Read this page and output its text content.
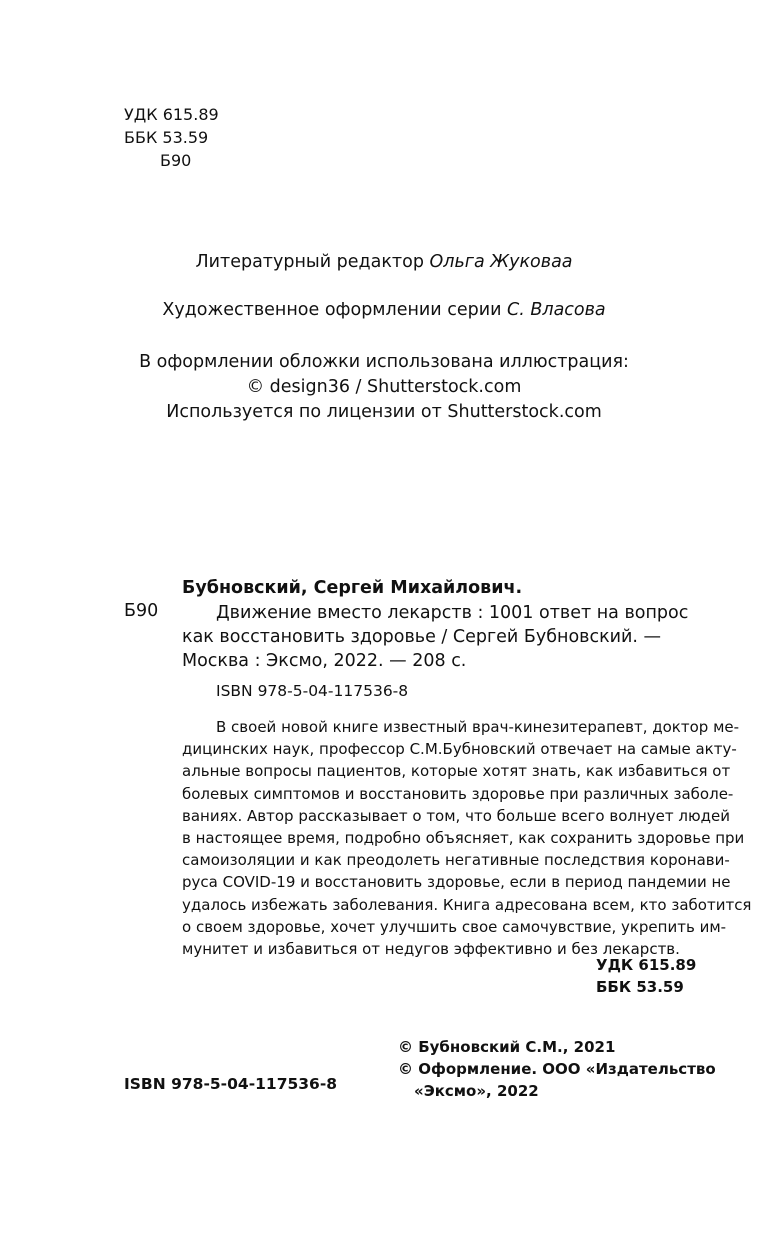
УДК 615.89
ББК 53.59
Б90
Литературный редактор Ольга Жуковаа
Художественное оформлении серии С. Власова
В оформлении обложки использована иллюстрация:
© design36 / Shutterstock.com
Используется по лицензии от Shutterstock.com
Бубновский, Сергей Михайлович.
Б90	Движение вместо лекарств : 1001 ответ на вопрос
как восстановить здоровье / Сергей Бубновский. —
Москва : Эксмо, 2022. — 208 с.
ISBN 978-5-04-117536-8
В своей новой книге известный врач-кинезитерапевт, доктор ме-
дицинских наук, профессор С.М.Бубновский отвечает на самые акту-
альные вопросы пациентов, которые хотят знать, как избавиться от
болевых симптомов и восстановить здоровье при различных заболе-
ваниях. Автор рассказывает о том, что больше всего волнует людей
в настоящее время, подробно объясняет, как сохранить здоровье при
самоизоляции и как преодолеть негативные последствия коронави-
руса COVID-19 и восстановить здоровье, если в период пандемии не
удалось избежать заболевания. Книга адресована всем, кто заботится
о своем здоровье, хочет улучшить свое самочувствие, укрепить им-
мунитет и избавиться от недугов эффективно и без лекарств.
УДК 615.89
ББК 53.59
© Бубновский С.М., 2021
© Оформление. ООО «Издательство
«Эксмо», 2022
ISBN 978-5-04-117536-8
